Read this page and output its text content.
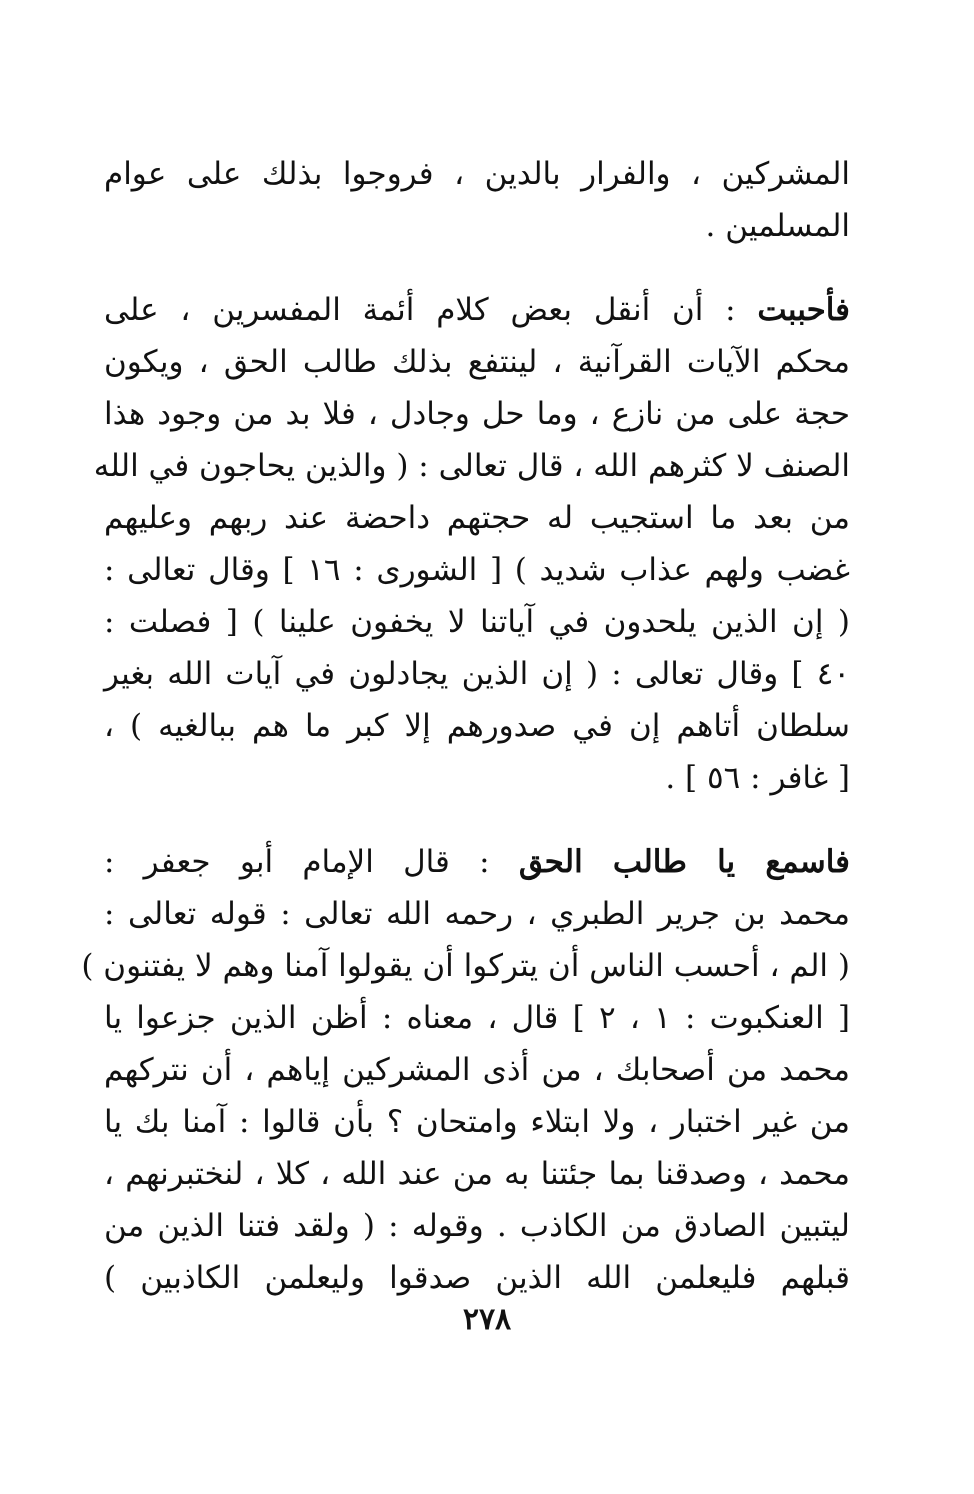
المشركين ، والفرار بالدين ، فروجوا بذلك على عوام
المسلمين .
فأحببت : أن أنقل بعض كلام أئمة المفسرين ، على
محكم الآيات القرآنية ، لينتفع بذلك طالب الحق ، ويكون
حجة على من نازع ، وما حل وجادل ، فلا بد من وجود هذا
الصنف لا كثرهم الله ، قال تعالى : ( والذين يحاجون في الله
من بعد ما استجيب له حجتهم داحضة عند ربهم وعليهم
غضب ولهم عذاب شديد ) [ الشورى : ١٦ ] وقال تعالى :
( إن الذين يلحدون في آياتنا لا يخفون علينا ) [ فصلت :
٤٠ ] وقال تعالى : ( إن الذين يجادلون في آيات الله بغير
سلطان أتاهم إن في صدورهم إلا كبر ما هم ببالغيه ) ،
[ غافر : ٥٦ ] .
فاسمع يا طالب الحق : قال الإمام أبو جعفر :
محمد بن جرير الطبري ، رحمه الله تعالى : قوله تعالى :
( الم ، أحسب الناس أن يتركوا أن يقولوا آمنا وهم لا يفتنون )
[ العنكبوت : ١ ، ٢ ] قال ، معناه : أظن الذين جزعوا يا
محمد من أصحابك ، من أذى المشركين إياهم ، أن نتركهم
من غير اختبار ، ولا ابتلاء وامتحان ؟ بأن قالوا : آمنا بك يا
محمد ، وصدقنا بما جئتنا به من عند الله ، كلا ، لنختبرنهم ،
ليتبين الصادق من الكاذب . وقوله : ( ولقد فتنا الذين من
قبلهم فليعلمن الله الذين صدقوا وليعلمن الكاذبين )
٢٧٨
